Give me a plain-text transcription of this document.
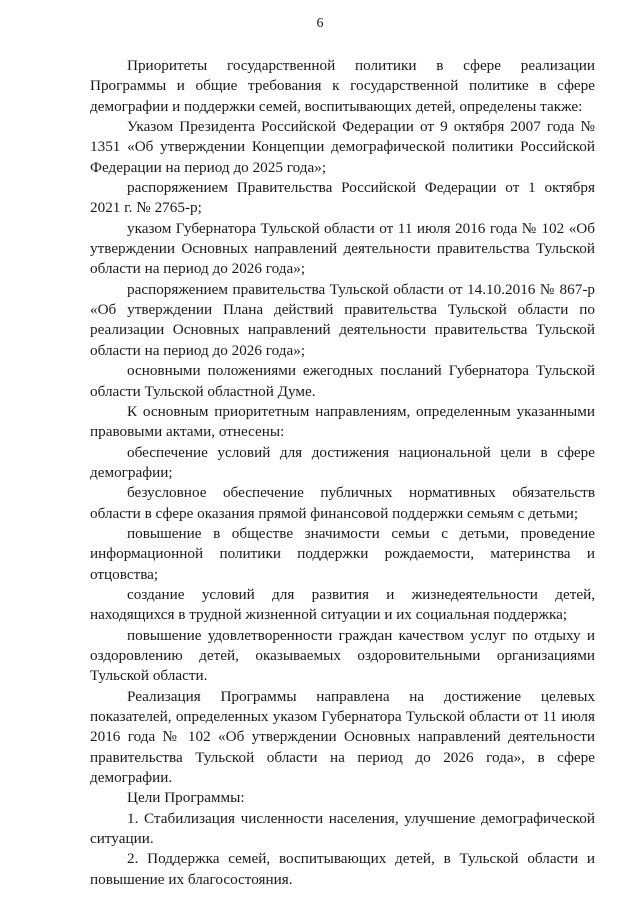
6

Приоритеты государственной политики в сфере реализации Программы и общие требования к государственной политике в сфере демографии и поддержки семей, воспитывающих детей, определены также:

Указом Президента Российской Федерации от 9 октября 2007 года № 1351 «Об утверждении Концепции демографической политики Российской Федерации на период до 2025 года»;

распоряжением Правительства Российской Федерации от 1 октября 2021 г. № 2765-р;

указом Губернатора Тульской области от 11 июля 2016 года № 102 «Об утверждении Основных направлений деятельности правительства Тульской области на период до 2026 года»;

распоряжением правительства Тульской области от 14.10.2016 № 867-р «Об утверждении Плана действий правительства Тульской области по реализации Основных направлений деятельности правительства Тульской области на период до 2026 года»;

основными положениями ежегодных посланий Губернатора Тульской области Тульской областной Думе.

К основным приоритетным направлениям, определенным указанными правовыми актами, отнесены:

обеспечение условий для достижения национальной цели в сфере демографии;

безусловное обеспечение публичных нормативных обязательств области в сфере оказания прямой финансовой поддержки семьям с детьми;

повышение в обществе значимости семьи с детьми, проведение информационной политики поддержки рождаемости, материнства и отцовства;

создание условий для развития и жизнедеятельности детей, находящихся в трудной жизненной ситуации и их социальная поддержка;

повышение удовлетворенности граждан качеством услуг по отдыху и оздоровлению детей, оказываемых оздоровительными организациями Тульской области.

Реализация Программы направлена на достижение целевых показателей, определенных указом Губернатора Тульской области от 11 июля 2016 года № 102 «Об утверждении Основных направлений деятельности правительства Тульской области на период до 2026 года», в сфере демографии.

Цели Программы:

1. Стабилизация численности населения, улучшение демографической ситуации.

2. Поддержка семей, воспитывающих детей, в Тульской области и повышение их благосостояния.
